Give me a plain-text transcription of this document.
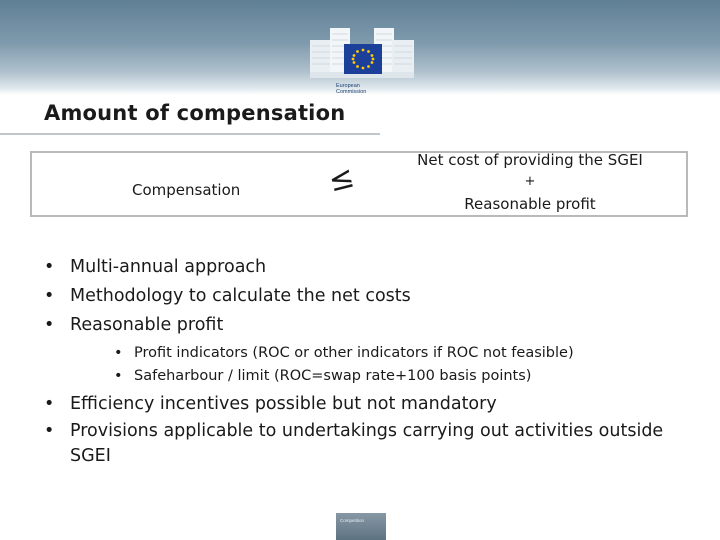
European
Commission
Amount of compensation
Compensation	≤	Net cost of providing the SGEI
+
Reasonable profit
• Multi-annual approach
• Methodology to calculate the net costs
• Reasonable profit
• Profit indicators (ROC or other indicators if ROC not feasible)
• Safeharbour / limit (ROC=swap rate+100 basis points)
• Efficiency incentives possible but not mandatory
• Provisions applicable to undertakings carrying out activities outside SGEI
Competition
